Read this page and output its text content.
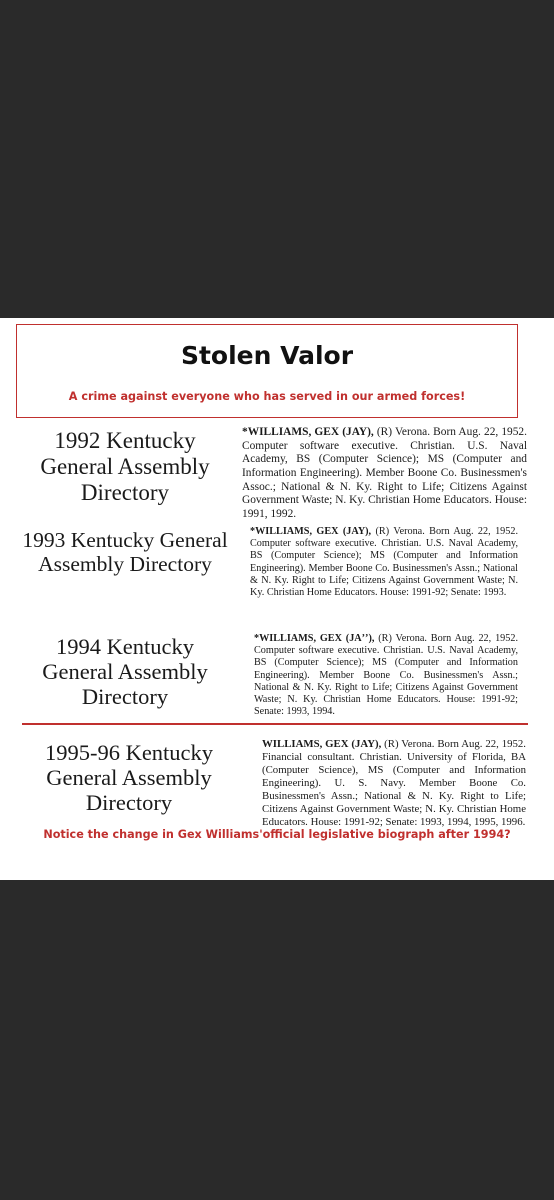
Stolen Valor
A crime against everyone who has served in our armed forces!
1992 Kentucky General Assembly Directory
*WILLIAMS, GEX (JAY), (R) Verona. Born Aug. 22, 1952. Computer software executive. Christian. U.S. Naval Academy, BS (Computer Science); MS (Computer and Information Engineering). Member Boone Co. Businessmen's Assoc.; National & N. Ky. Right to Life; Citizens Against Government Waste; N. Ky. Christian Home Educators. House: 1991, 1992.
1993 Kentucky General Assembly Directory
*WILLIAMS, GEX (JAY), (R) Verona. Born Aug. 22, 1952. Computer software executive. Christian. U.S. Naval Academy, BS (Computer Science); MS (Computer and Information Engineering). Member Boone Co. Businessmen's Assn.; National & N. Ky. Right to Life; Citizens Against Government Waste; N. Ky. Christian Home Educators. House: 1991-92; Senate: 1993.
1994 Kentucky General Assembly Directory
*WILLIAMS, GEX (JAʼʼ), (R) Verona. Born Aug. 22, 1952. Computer software executive. Christian. U.S. Naval Academy, BS (Computer Science); MS (Computer and Information Engineering). Member Boone Co. Businessmen's Assn.; National & N. Ky. Right to Life; Citizens Against Government Waste; N. Ky. Christian Home Educators. House: 1991-92; Senate: 1993, 1994.
1995-96 Kentucky General Assembly Directory
WILLIAMS, GEX (JAY), (R) Verona. Born Aug. 22, 1952. Financial consultant. Christian. University of Florida, BA (Computer Science), MS (Computer and Information Engineering). U. S. Navy. Member Boone Co. Businessmen's Assn.; National & N. Ky. Right to Life; Citizens Against Government Waste; N. Ky. Christian Home Educators. House: 1991-92; Senate: 1993, 1994, 1995, 1996.
Notice the change in Gex Williams'official legislative biograph after 1994?
